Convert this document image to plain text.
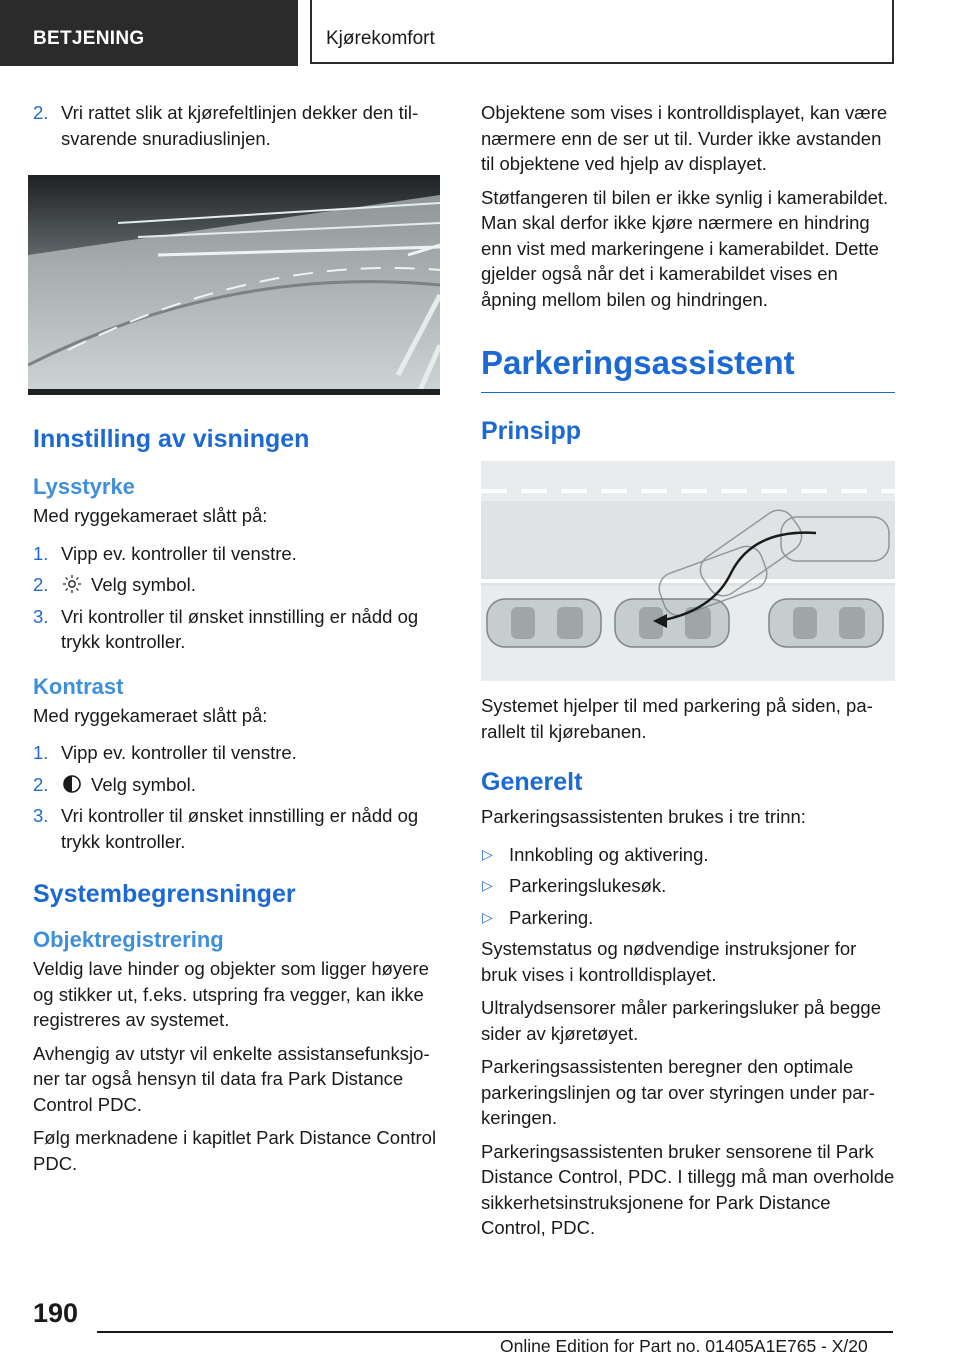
BETJENING	Kjørekomfort
2. Vri rattet slik at kjørefeltlinjen dekker den tilsvarende snuradiuslinjen.
Innstilling av visningen
Lysstyrke

Med ryggekameraet slått på:

1. Vipp ev. kontroller til venstre.
2. Velg symbol.
3. Vri kontroller til ønsket innstilling er nådd og trykk kontroller.
Kontrast

Med ryggekameraet slått på:

1. Vipp ev. kontroller til venstre.
2. Velg symbol.
3. Vri kontroller til ønsket innstilling er nådd og trykk kontroller.
Systembegrensninger
Objektregistrering

Veldig lave hinder og objekter som ligger høyere og stikker ut, f.eks. utspring fra vegger, kan ikke registreres av systemet.

Avhengig av utstyr vil enkelte assistansefunksjoner tar også hensyn til data fra Park Distance Control PDC.

Følg merknadene i kapitlet Park Distance Control PDC.

Objektene som vises i kontrolldisplayet, kan være nærmere enn de ser ut til. Vurder ikke avstanden til objektene ved hjelp av displayet.

Støtfangeren til bilen er ikke synlig i kamerabildet. Man skal derfor ikke kjøre nærmere en hindring enn vist med markeringene i kamerabildet. Dette gjelder også når det i kamerabildet vises en åpning mellom bilen og hindringen.

Parkeringsassistent
Prinsipp

Systemet hjelper til med parkering på siden, parallelt til kjørebanen.

Generelt

Parkeringsassistenten brukes i tre trinn:

▷ Innkobling og aktivering.
▷ Parkeringslukesøk.
▷ Parkering.

Systemstatus og nødvendige instruksjoner for bruk vises i kontrolldisplayet.

Ultralydsensorer måler parkeringsluker på begge sider av kjøretøyet.

Parkeringsassistenten beregner den optimale parkeringslinjen og tar over styringen under parkeringen.

Parkeringsassistenten bruker sensorene til Park Distance Control, PDC. I tillegg må man overholde sikkerhetsinstruksjonene for Park Distance Control, PDC.

190
Online Edition for Part no. 01405A1E765 - X/20
